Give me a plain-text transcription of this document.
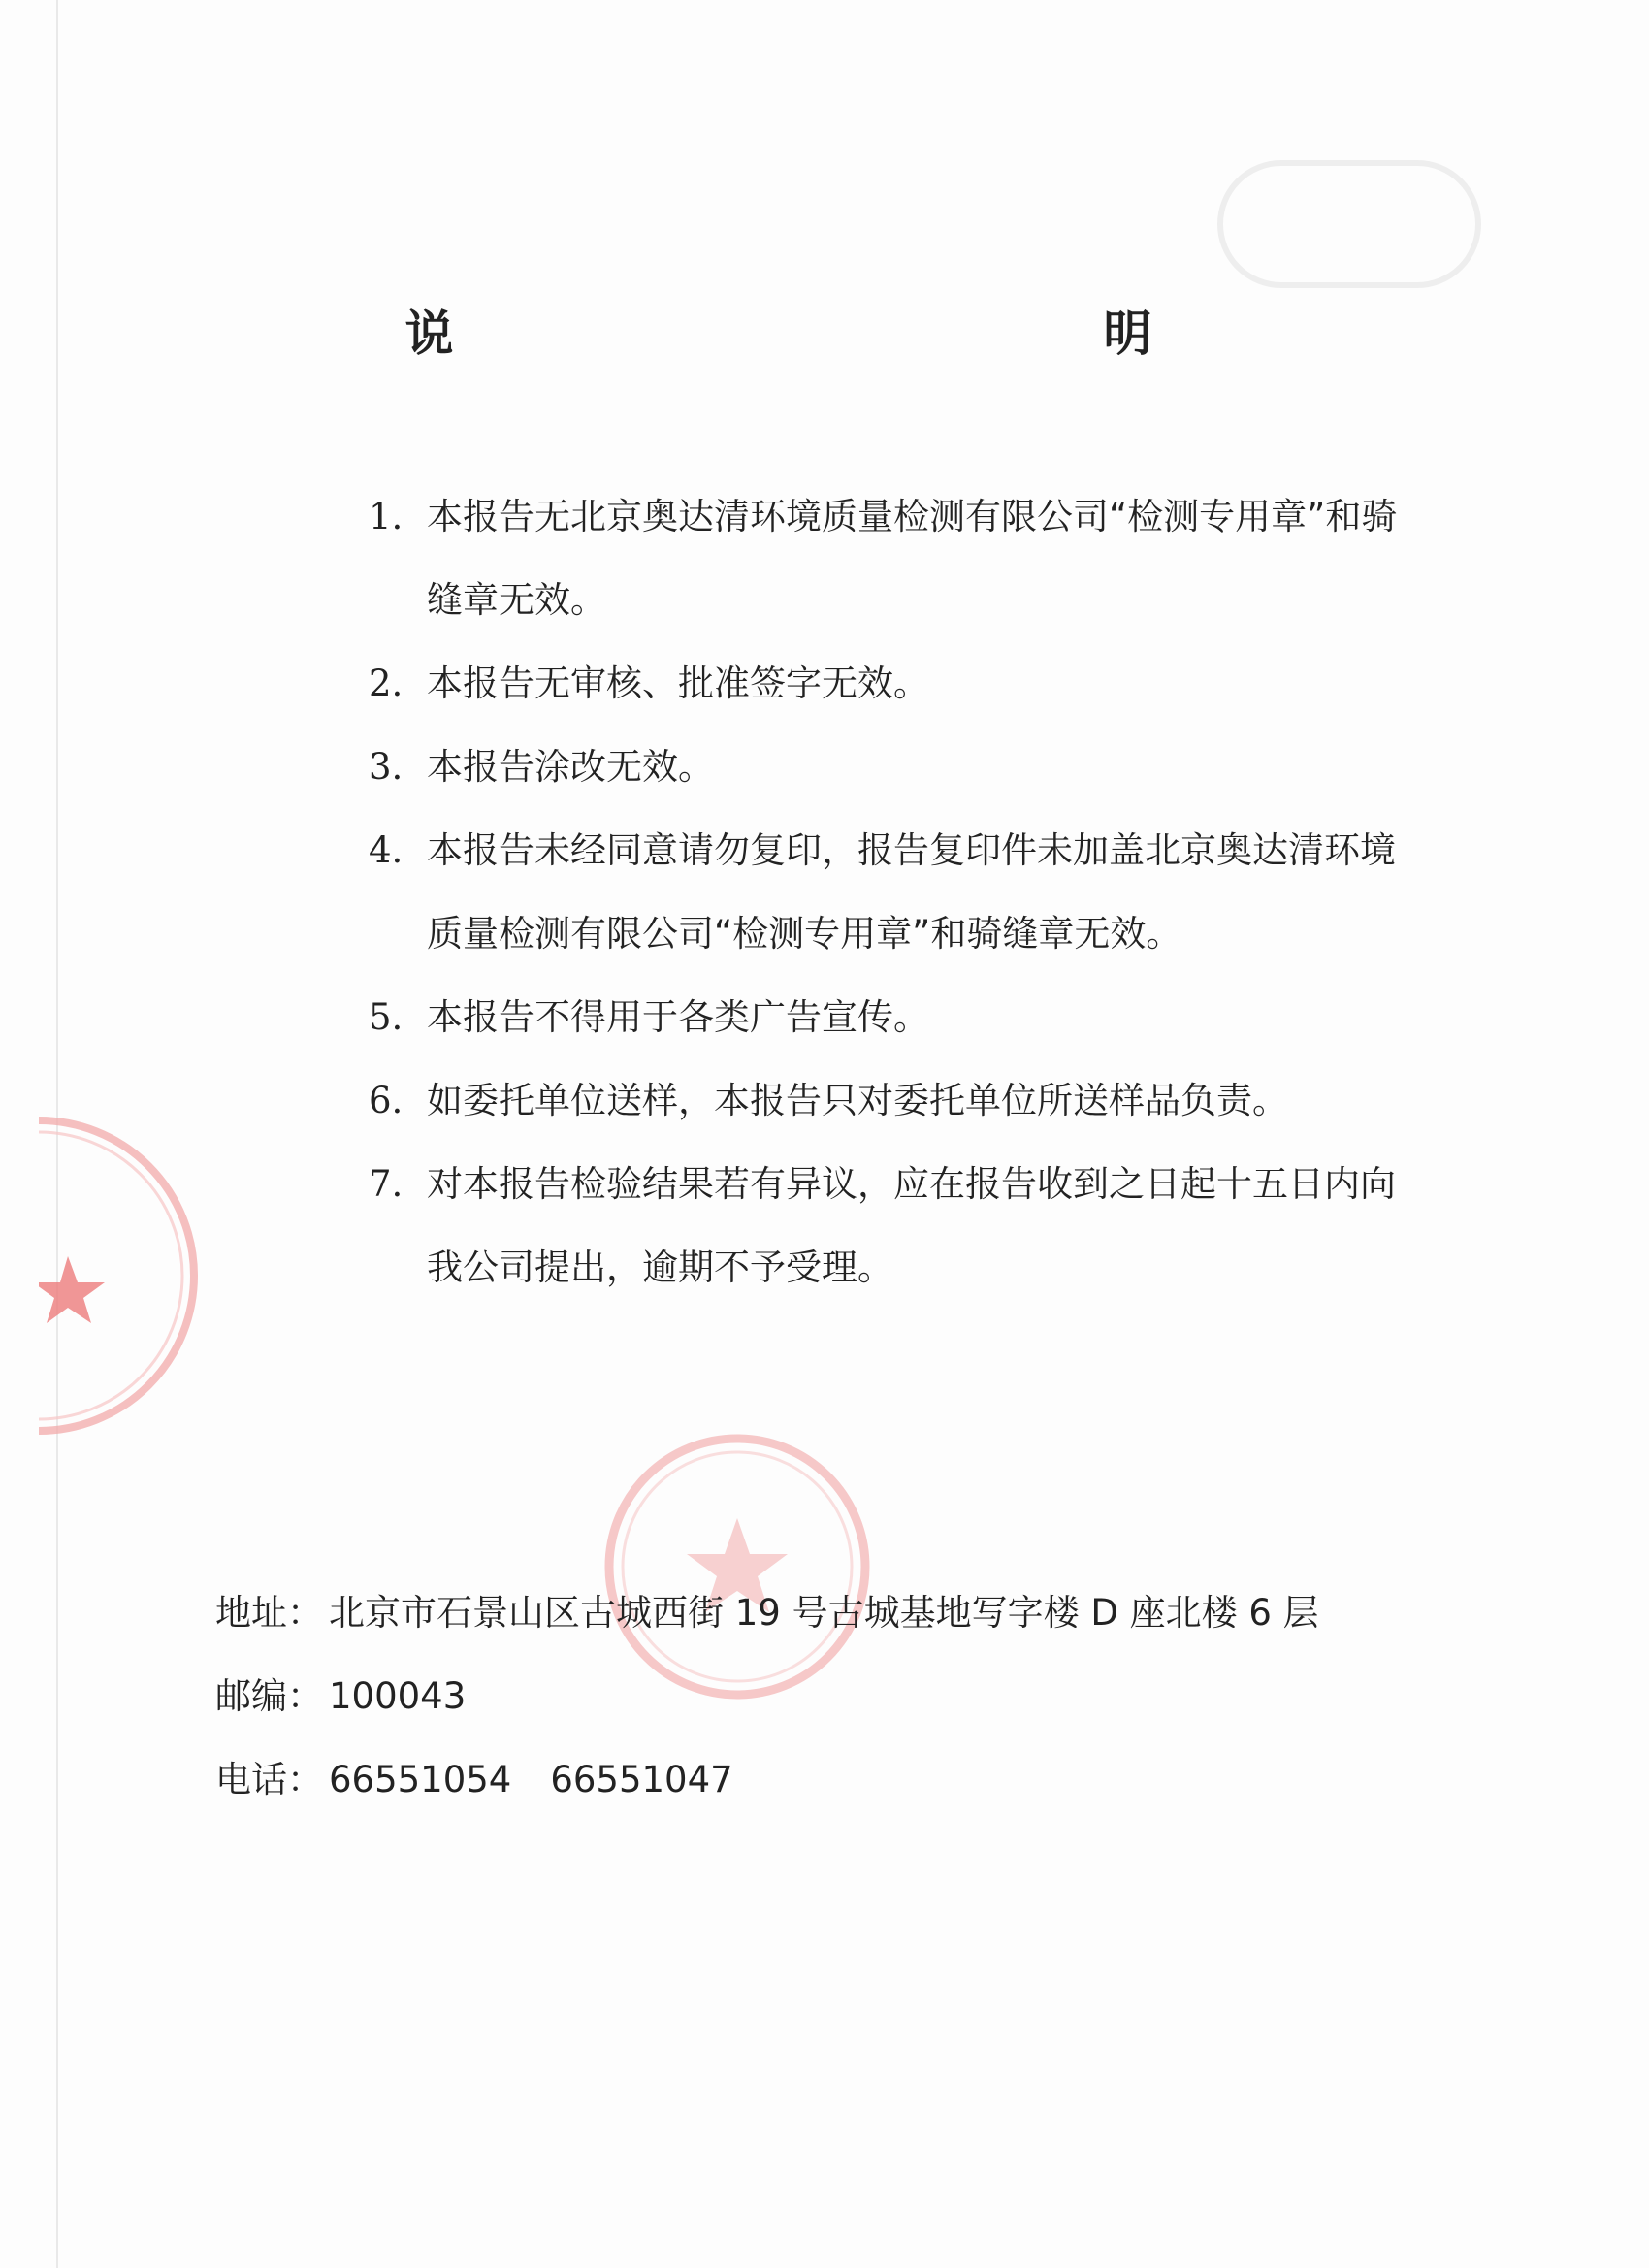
说　　明
1. 本报告无北京奥达清环境质量检测有限公司“检测专用章”和骑缝章无效。
2. 本报告无审核、批准签字无效。
3. 本报告涂改无效。
4. 本报告未经同意请勿复印，报告复印件未加盖北京奥达清环境质量检测有限公司“检测专用章”和骑缝章无效。
5. 本报告不得用于各类广告宣传。
6. 如委托单位送样，本报告只对委托单位所送样品负责。
7. 对本报告检验结果若有异议，应在报告收到之日起十五日内向我公司提出，逾期不予受理。
地址： 北京市石景山区古城西街 19 号古城基地写字楼 D 座北楼 6 层
邮编： 100043
电话： 66551054 66551047
